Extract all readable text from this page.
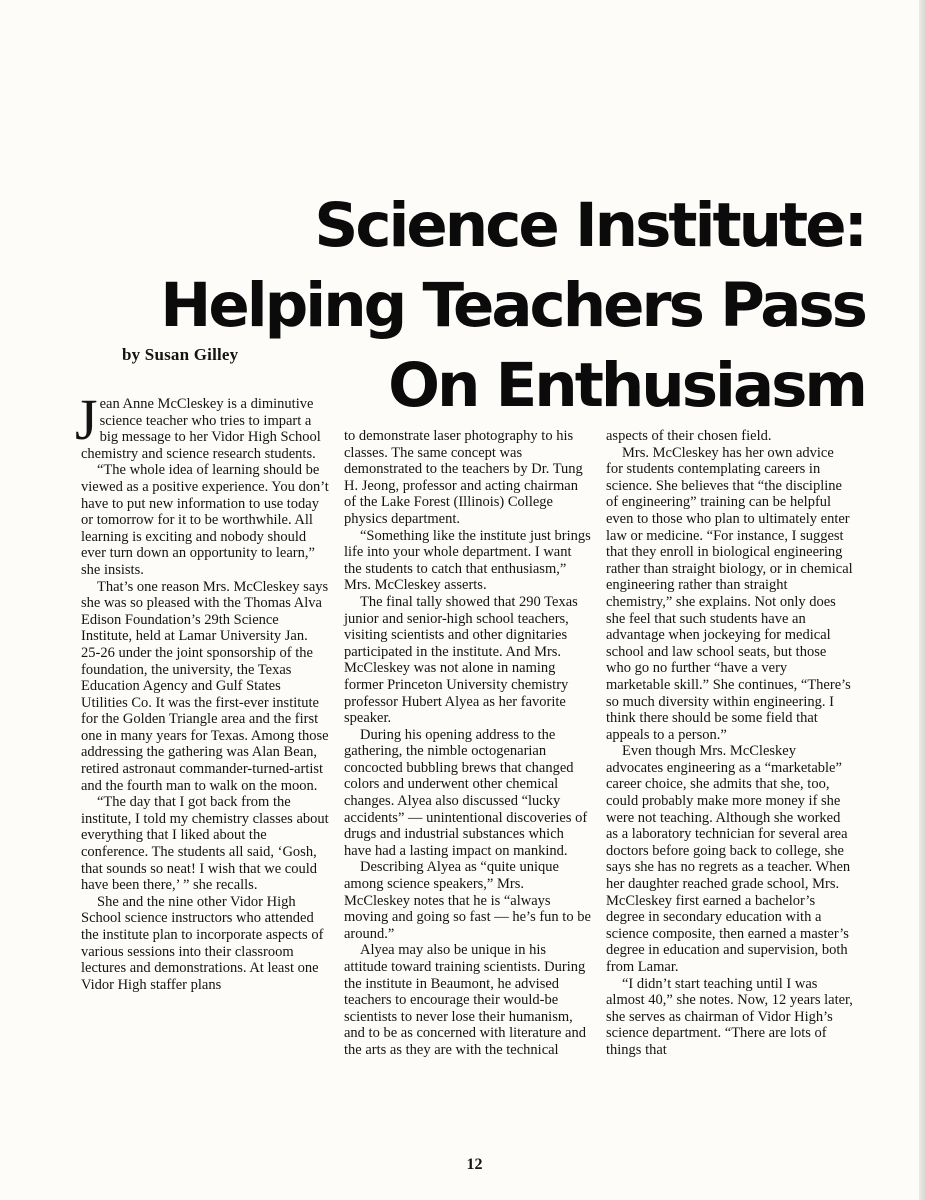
Science Institute:
Helping Teachers Pass
On Enthusiasm

by Susan Gilley

Jean Anne McCleskey is a diminutive science teacher who tries to impart a big message to her Vidor High School chemistry and science research students.

“The whole idea of learning should be viewed as a positive experience. You don’t have to put new information to use today or tomorrow for it to be worthwhile. All learning is exciting and nobody should ever turn down an opportunity to learn,” she insists.

That’s one reason Mrs. McCleskey says she was so pleased with the Thomas Alva Edison Foundation’s 29th Science Institute, held at Lamar University Jan. 25-26 under the joint sponsorship of the foundation, the university, the Texas Education Agency and Gulf States Utilities Co. It was the first-ever institute for the Golden Triangle area and the first one in many years for Texas. Among those addressing the gathering was Alan Bean, retired astronaut commander-turned-artist and the fourth man to walk on the moon.

“The day that I got back from the institute, I told my chemistry classes about everything that I liked about the conference. The students all said, ‘Gosh, that sounds so neat! I wish that we could have been there,’ ” she recalls.

She and the nine other Vidor High School science instructors who attended the institute plan to incorporate aspects of various sessions into their classroom lectures and demonstrations. At least one Vidor High staffer plans

to demonstrate laser photography to his classes. The same concept was demonstrated to the teachers by Dr. Tung H. Jeong, professor and acting chairman of the Lake Forest (Illinois) College physics department.

“Something like the institute just brings life into your whole department. I want the students to catch that enthusiasm,” Mrs. McCleskey asserts.

The final tally showed that 290 Texas junior and senior-high school teachers, visiting scientists and other dignitaries participated in the institute. And Mrs. McCleskey was not alone in naming former Princeton University chemistry professor Hubert Alyea as her favorite speaker.

During his opening address to the gathering, the nimble octogenarian concocted bubbling brews that changed colors and underwent other chemical changes. Alyea also discussed “lucky accidents” — unintentional discoveries of drugs and industrial substances which have had a lasting impact on mankind.

Describing Alyea as “quite unique among science speakers,” Mrs. McCleskey notes that he is “always moving and going so fast — he’s fun to be around.”

Alyea may also be unique in his attitude toward training scientists. During the institute in Beaumont, he advised teachers to encourage their would-be scientists to never lose their humanism, and to be as concerned with literature and the arts as they are with the technical

aspects of their chosen field.

Mrs. McCleskey has her own advice for students contemplating careers in science. She believes that “the discipline of engineering” training can be helpful even to those who plan to ultimately enter law or medicine. “For instance, I suggest that they enroll in biological engineering rather than straight biology, or in chemical engineering rather than straight chemistry,” she explains. Not only does she feel that such students have an advantage when jockeying for medical school and law school seats, but those who go no further “have a very marketable skill.” She continues, “There’s so much diversity within engineering. I think there should be some field that appeals to a person.”

Even though Mrs. McCleskey advocates engineering as a “marketable” career choice, she admits that she, too, could probably make more money if she were not teaching. Although she worked as a laboratory technician for several area doctors before going back to college, she says she has no regrets as a teacher. When her daughter reached grade school, Mrs. McCleskey first earned a bachelor’s degree in secondary education with a science composite, then earned a master’s degree in education and supervision, both from Lamar.

“I didn’t start teaching until I was almost 40,” she notes. Now, 12 years later, she serves as chairman of Vidor High’s science department. “There are lots of things that

12
